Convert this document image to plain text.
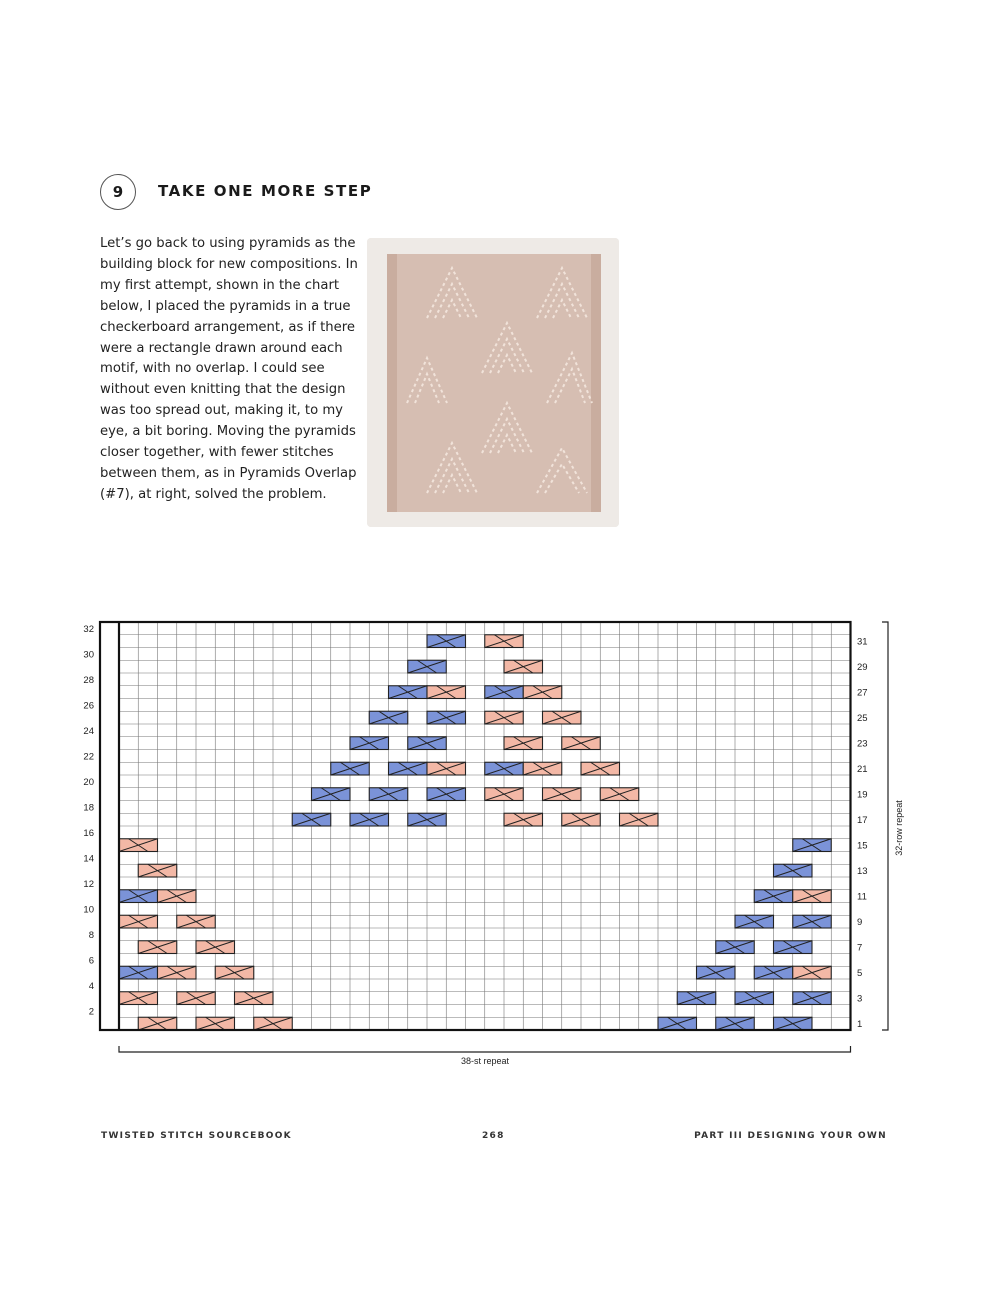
9 TAKE ONE MORE STEP

Let’s go back to using pyramids as the building block for new compositions. In my first attempt, shown in the chart below, I placed the pyramids in a true checkerboard arrangement, as if there were a rectangle drawn around each motif, with no overlap. I could see without even knitting that the design was too spread out, making it, to my eye, a bit boring. Moving the pyramids closer together, with fewer stitches between them, as in Pyramids Overlap (#7), at right, solved the problem.

32
30
28
26
24
22
20
18
16
14
12
10
8
6
4
2
31
29
27
25
23
21
19
17
15
13
11
9
7
5
3
1
32-row repeat
38-st repeat
TWISTED STITCH SOURCEBOOK	268	PART III DESIGNING YOUR OWN
